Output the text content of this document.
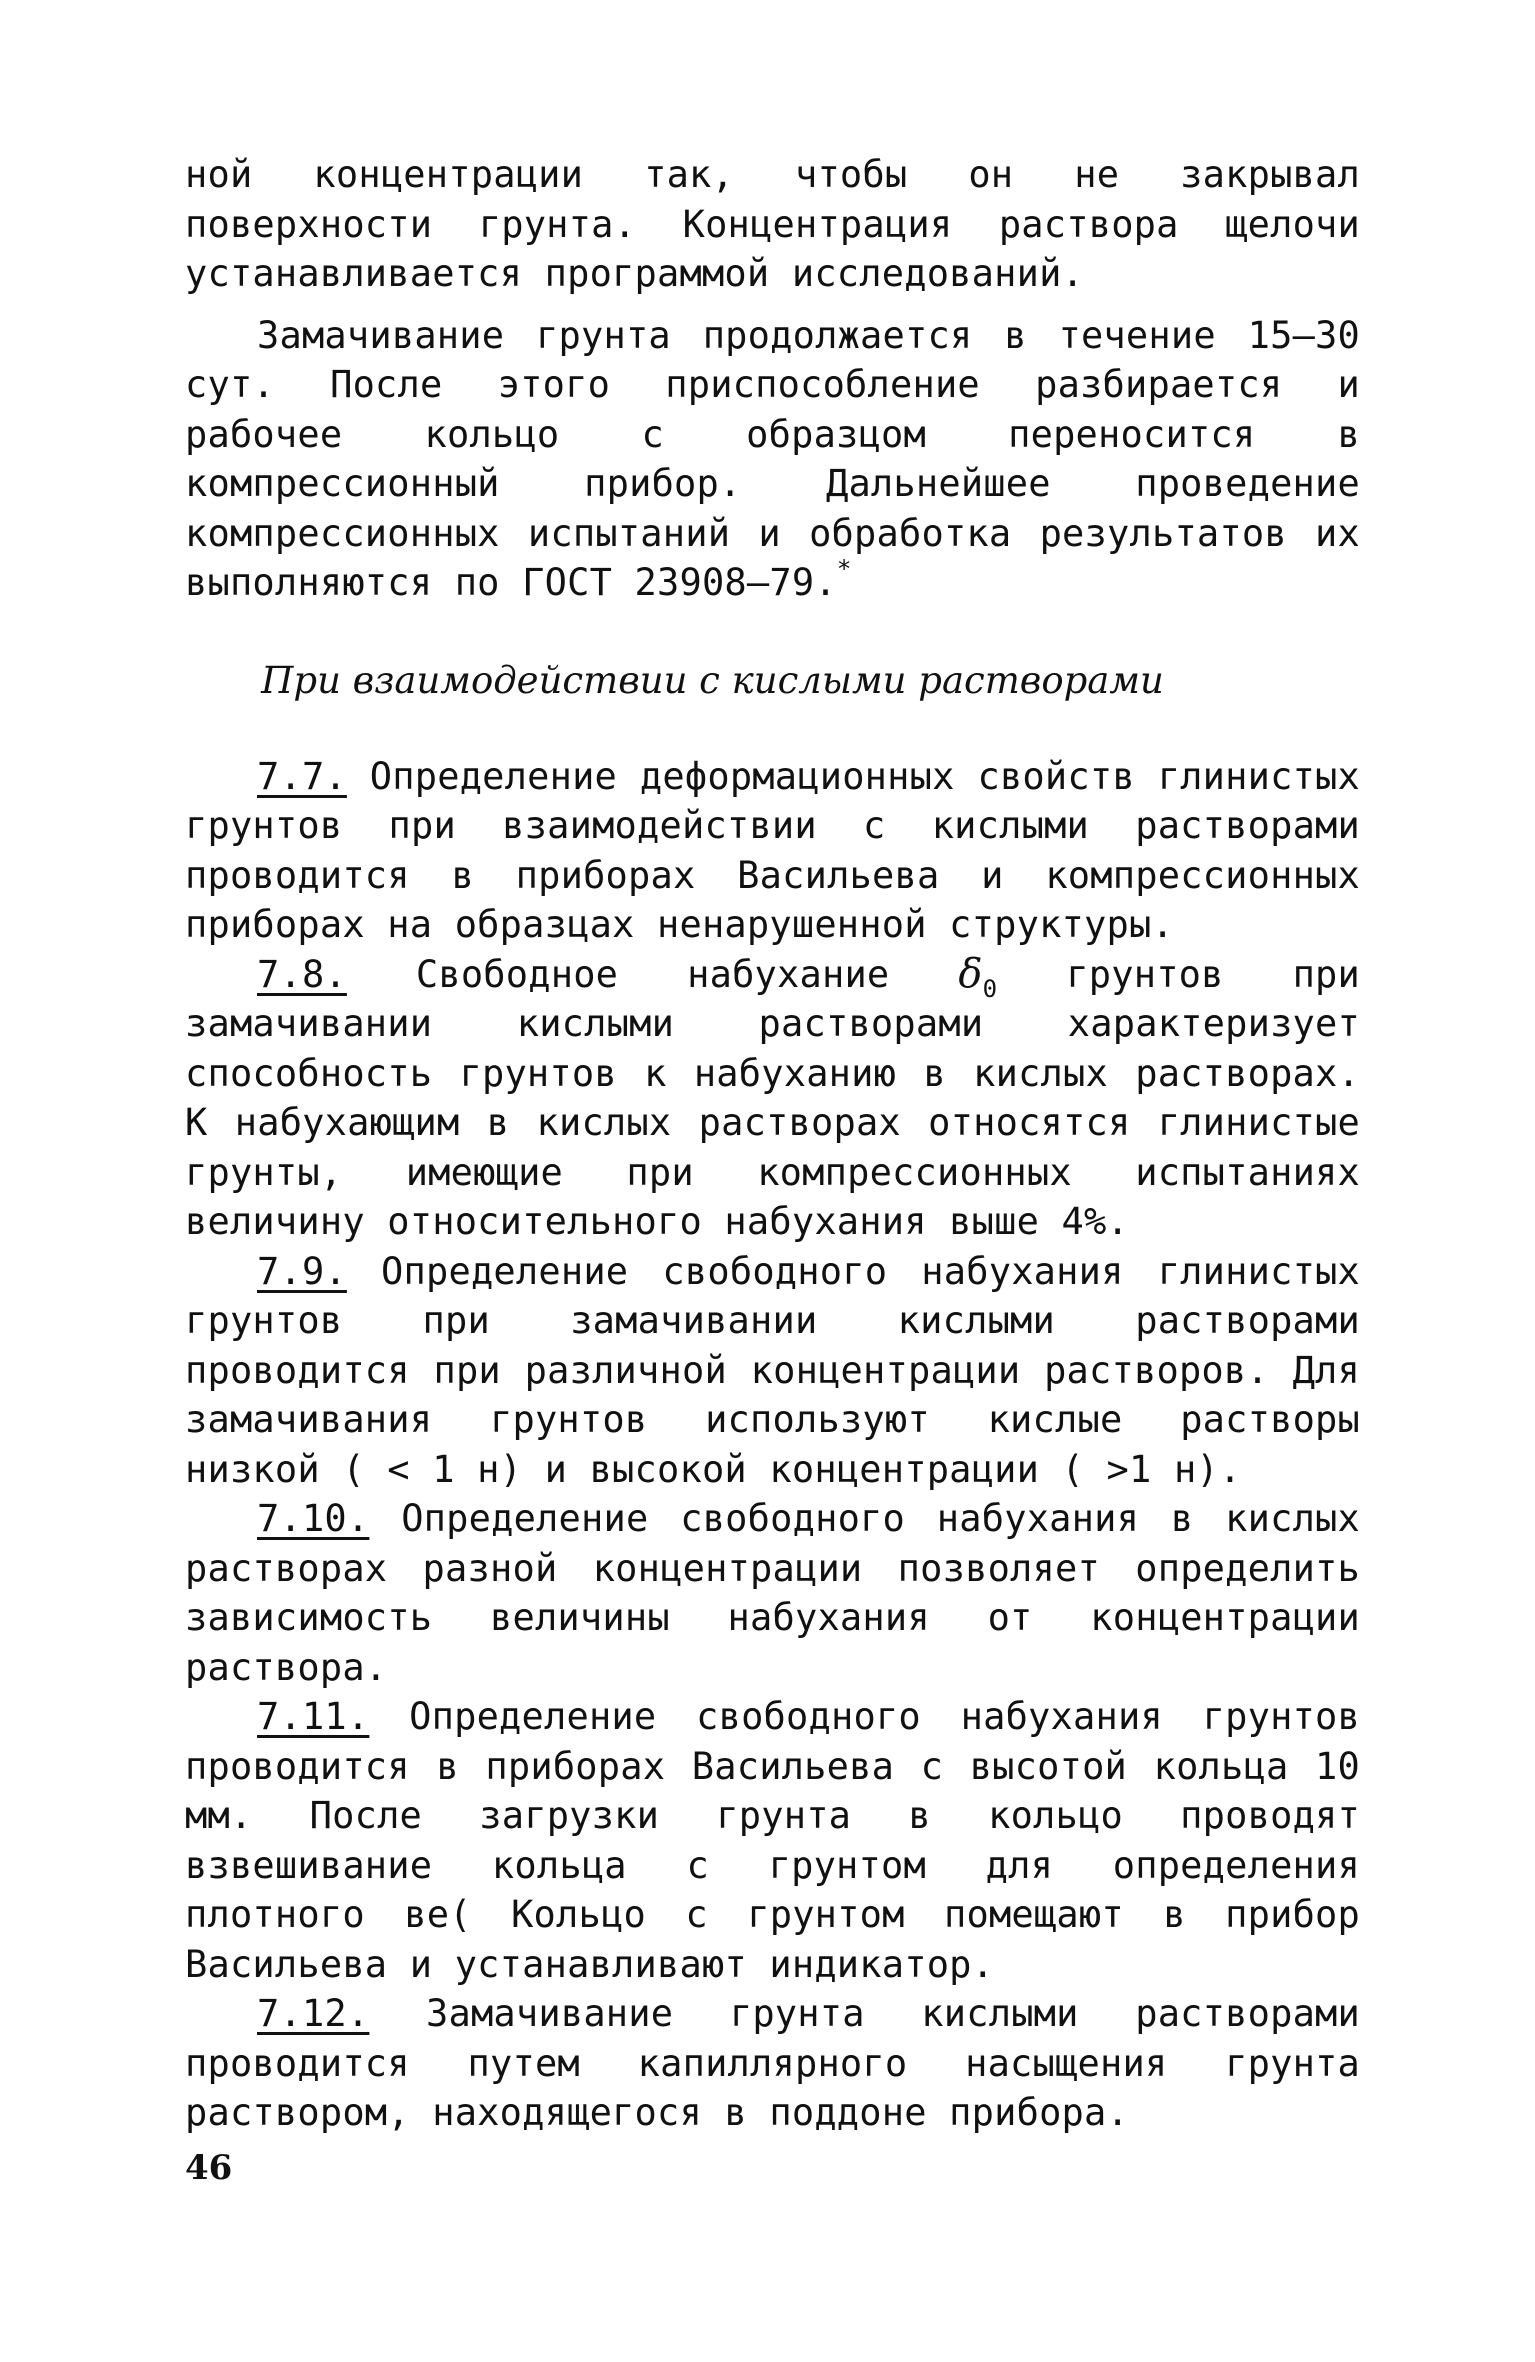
ной концентрации так, чтобы он не закрывал поверхности грунта. Концентрация раствора щелочи устанавливается программой исследований.

Замачивание грунта продолжается в течение 15–30 сут. После этого приспособление разбирается и рабочее кольцо с образцом переносится в компрессионный прибор. Дальнейшее проведение компрессионных испытаний и обработка результатов их выполняются по ГОСТ 23908–79.*

При взаимодействии с кислыми растворами

7.7. Определение деформационных свойств глинистых грунтов при взаимодействии с кислыми растворами проводится в приборах Васильева и компрессионных приборах на образцах ненарушенной структуры.

7.8. Свободное набухание $\delta_0$ грунтов при замачивании кислыми растворами характеризует способность грунтов к набуханию в кислых растворах. К набухающим в кислых растворах относятся глинистые грунты, имеющие при компрессионных испытаниях величину относительного набухания выше 4%.

7.9. Определение свободного набухания глинистых грунтов при замачивании кислыми растворами проводится при различной концентрации растворов. Для замачивания грунтов используют кислые растворы низкой ( < 1 н) и высокой концентрации ( >1 н).

7.10. Определение свободного набухания в кислых растворах разной концентрации позволяет определить зависимость величины набухания от концентрации раствора.

7.11. Определение свободного набухания грунтов проводится в приборах Васильева с высотой кольца 10 мм. После загрузки грунта в кольцо проводят взвешивание кольца с грунтом для определения плотного ве( Кольцо с грунтом помещают в прибор Васильева и устанавливают индикатор.

7.12. Замачивание грунта кислыми растворами проводится путем капиллярного насыщения грунта раствором, находящегося в поддоне прибора.

46
